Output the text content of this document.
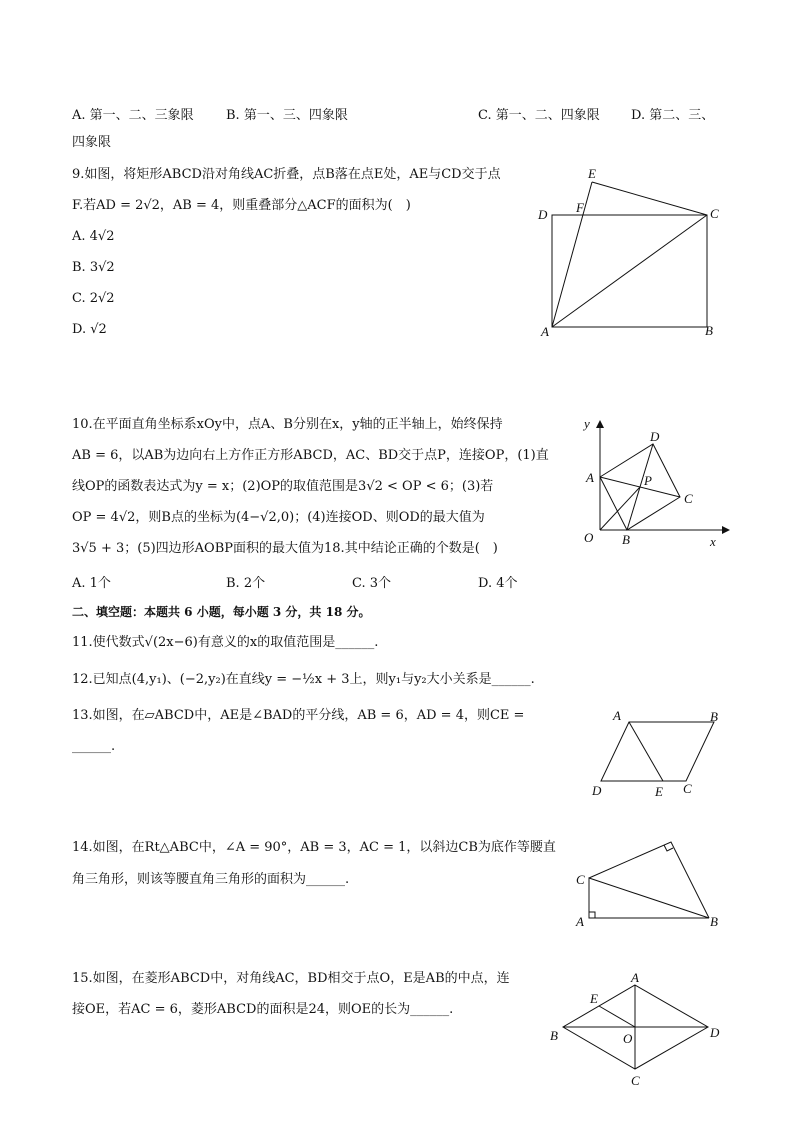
A. 第一、二、三象限 B. 第一、三、四象限	C. 第一、二、四象限 D. 第二、三、
四象限
9.如图，将矩形ABCD沿对角线AC折叠，点B落在点E处，AE与CD交于点
F.若AD = 2√2，AB = 4，则重叠部分△ACF的面积为(　)
A. 4√2
B. 3√2
C. 2√2
D. √2
E
D F	C
A	B
10.在平面直角坐标系xOy中，点A、B分别在x，y轴的正半轴上，始终保持
AB = 6，以AB为边向右上方作正方形ABCD，AC、BD交于点P，连接OP，(1)直
线OP的函数表达式为y = x；(2)OP的取值范围是3√2 < OP < 6；(3)若
OP = 4√2，则B点的坐标为(4−√2,0)；(4)连接OD、则OD的最大值为
3√5 + 3；(5)四边形AOBP面积的最大值为18.其中结论正确的个数是(　)
A. 1个	B. 2个	C. 3个	D. 4个
y
D
A	P
C
O B	x
二、填空题：本题共 6 小题，每小题 3 分，共 18 分。
11.使代数式√(2x−6)有意义的x的取值范围是______.
12.已知点(4,y₁)、(−2,y₂)在直线y = −½x + 3上，则y₁与y₂大小关系是______.
13.如图，在▱ABCD中，AE是∠BAD的平分线，AB = 6，AD = 4，则CE =
______.
A	B
D	E C
14.如图，在Rt△ABC中，∠A = 90°，AB = 3，AC = 1，以斜边CB为底作等腰直
角三角形，则该等腰直角三角形的面积为______.	C
A	B
15.如图，在菱形ABCD中，对角线AC，BD相交于点O，E是AB的中点，连
接OE，若AC = 6，菱形ABCD的面积是24，则OE的长为______.
A
E
B	O	D
C
